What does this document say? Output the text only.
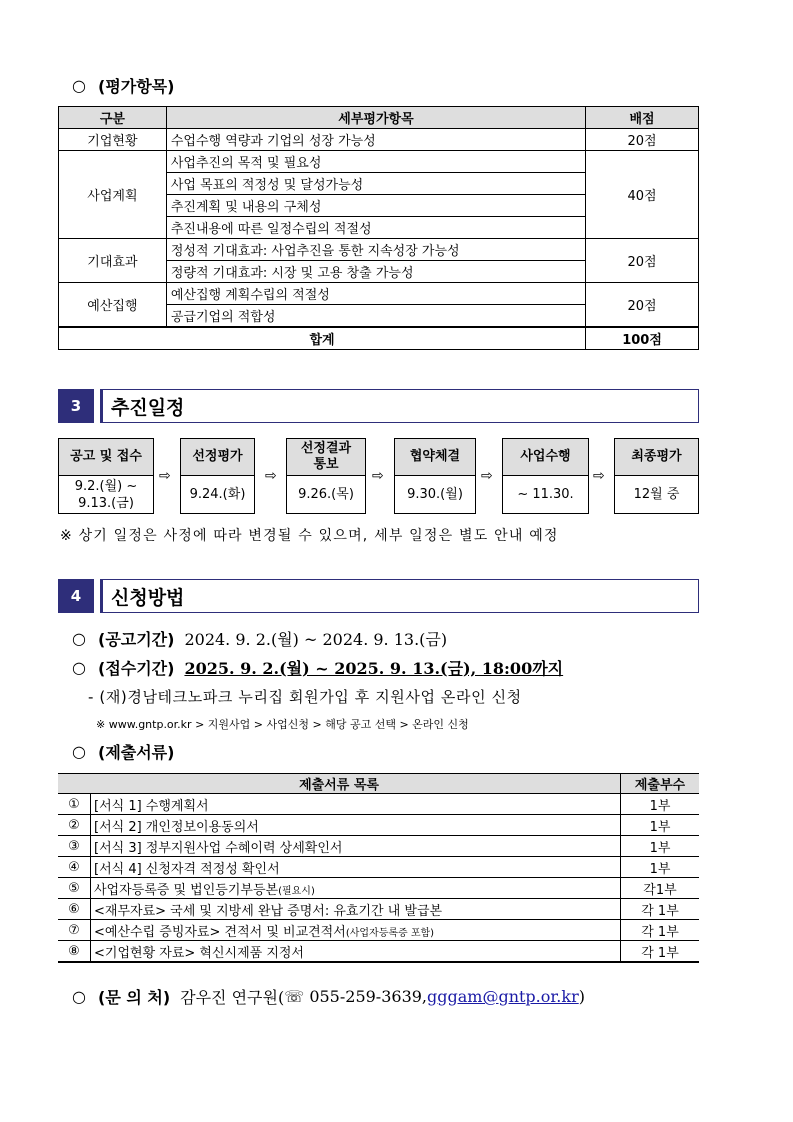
○ (평가항목)
구분	세부평가항목	배점
기업현황	수업수행 역량과 기업의 성장 가능성	20점
사업계획	사업추진의 목적 및 필요성	40점
	사업 목표의 적정성 및 달성가능성	
	추진계획 및 내용의 구체성	
	추진내용에 따른 일정수립의 적절성	
기대효과	정성적 기대효과: 사업추진을 통한 지속성장 가능성	20점
	정량적 기대효과: 시장 및 고용 창출 가능성	
예산집행	예산집행 계획수립의 적절성	20점
	공급기업의 적합성	
합계		100점
3	추진일정
공고 및 접수
9.2.(월) ~
9.13.(금)
⇨
선정평가
9.24.(화)
⇨
선정결과
통보
9.26.(목)
⇨
협약체결
9.30.(월)
⇨
사업수행
~ 11.30.
⇨
최종평가
12월 중
※ 상기 일정은 사정에 따라 변경될 수 있으며, 세부 일정은 별도 안내 예정
4	신청방법
○ (공고기간) 2024. 9. 2.(월) ~ 2024. 9. 13.(금)
○ (접수기간) 2025. 9. 2.(월) ~ 2025. 9. 13.(금), 18:00까지
- (재)경남테크노파크 누리집 회원가입 후 지원사업 온라인 신청
※ www.gntp.or.kr > 지원사업 > 사업신청 > 해당 공고 선택 > 온라인 신청
○ (제출서류)
제출서류 목록		제출부수
①	[서식 1] 수행계획서	1부
②	[서식 2] 개인정보이용동의서	1부
③	[서식 3] 정부지원사업 수혜이력 상세확인서	1부
④	[서식 4] 신청자격 적정성 확인서	1부
⑤	사업자등록증 및 법인등기부등본(필요시)	각1부
⑥	<재무자료> 국세 및 지방세 완납 증명서: 유효기간 내 발급본	각 1부
⑦	<예산수립 증빙자료> 견적서 및 비교견적서(사업자등록증 포함)	각 1부
⑧	<기업현황 자료> 혁신시제품 지정서	각 1부
○ (문 의 처) 감우진 연구원( ☏ 055-259-3639, gggam@gntp.or.kr )
